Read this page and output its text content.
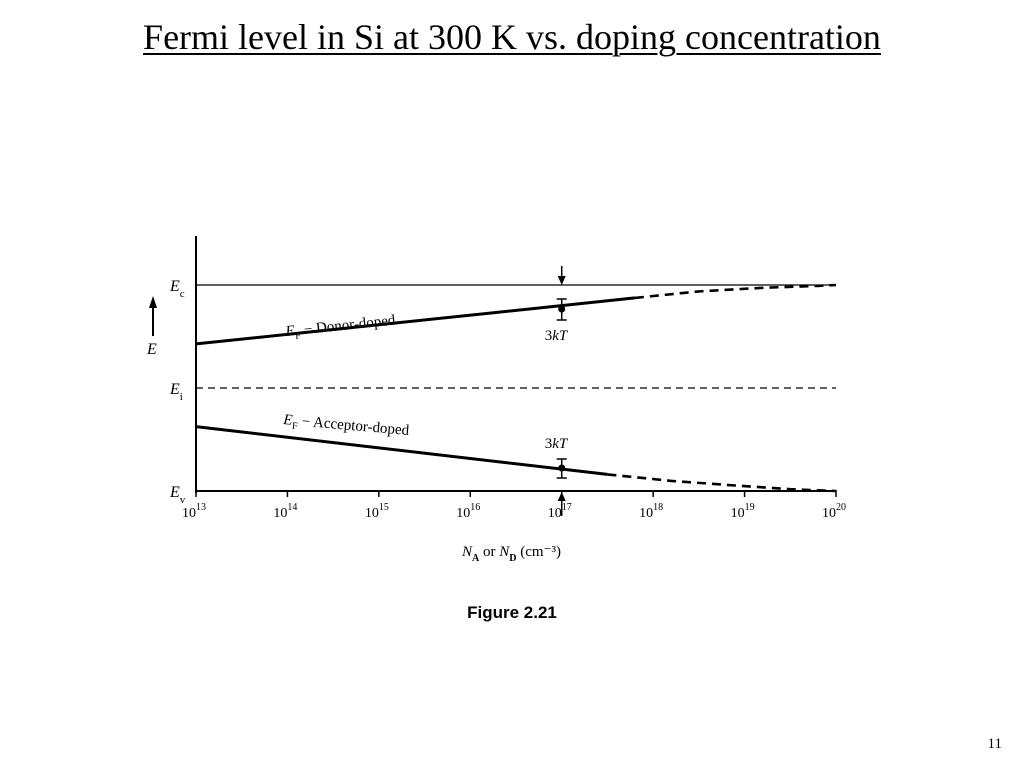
Fermi level in Si at 300 K vs. doping concentration
$E_c$
$E_i$
$E_v$
E
$10^{13}$	$10^{14}$	$10^{15}$	$10^{16}$	$10^{17}$	$10^{18}$	$10^{19}$	$10^{20}$
$N_A$ or $N_D$ (cm⁻³)
$E_F$ − Donor-doped
$E_F$ − Acceptor-doped
3kT
3kT
Figure 2.21
11
